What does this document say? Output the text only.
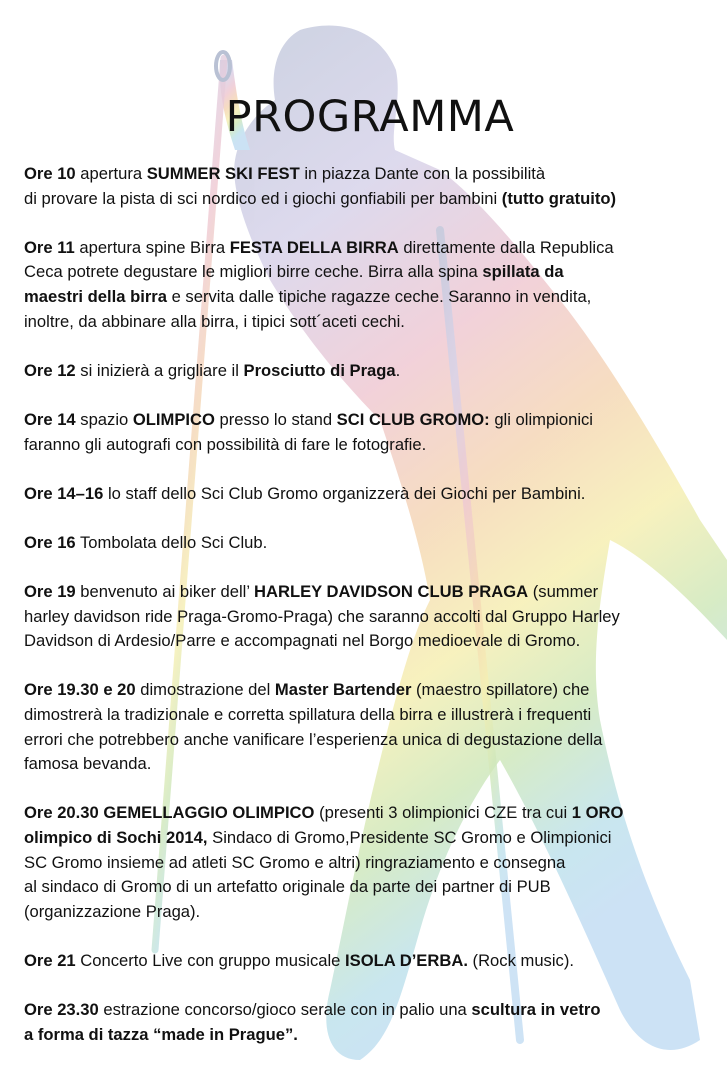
PROGRAMMA

Ore 10 apertura SUMMER SKI FEST in piazza Dante con la possibilità
di provare la pista di sci nordico ed i giochi gonfiabili per bambini (tutto gratuito)

Ore 11 apertura spine Birra FESTA DELLA BIRRA direttamente dalla Republica
Ceca potrete degustare le migliori birre ceche. Birra alla spina spillata da
maestri della birra e servita dalle tipiche ragazze ceche. Saranno in vendita,
inoltre, da abbinare alla birra, i tipici sott´aceti cechi.

Ore 12 si inizierà a grigliare il Prosciutto di Praga.

Ore 14 spazio OLIMPICO presso lo stand SCI CLUB GROMO: gli olimpionici
faranno gli autografi con possibilità di fare le fotografie.

Ore 14–16 lo staff dello Sci Club Gromo organizzerà dei Giochi per Bambini.

Ore 16 Tombolata dello Sci Club.

Ore 19 benvenuto ai biker dell’ HARLEY DAVIDSON CLUB PRAGA (summer
harley davidson ride Praga-Gromo-Praga) che saranno accolti dal Gruppo Harley
Davidson di Ardesio/Parre e accompagnati nel Borgo medioevale di Gromo.

Ore 19.30 e 20 dimostrazione del Master Bartender (maestro spillatore) che
dimostrerà la tradizionale e corretta spillatura della birra e illustrerà i frequenti
errori che potrebbero anche vanificare l’esperienza unica di degustazione della
famosa bevanda.

Ore 20.30 GEMELLAGGIO OLIMPICO (presenti 3 olimpionici CZE tra cui 1 ORO
olimpico di Sochi 2014, Sindaco di Gromo,Presidente SC Gromo e Olimpionici
SC Gromo insieme ad atleti SC Gromo e altri) ringraziamento e consegna
al sindaco di Gromo di un artefatto originale da parte dei partner di PUB
(organizzazione Praga).

Ore 21 Concerto Live con gruppo musicale ISOLA D’ERBA. (Rock music).

Ore 23.30 estrazione concorso/gioco serale con in palio una scultura in vetro
a forma di tazza “made in Prague”.
